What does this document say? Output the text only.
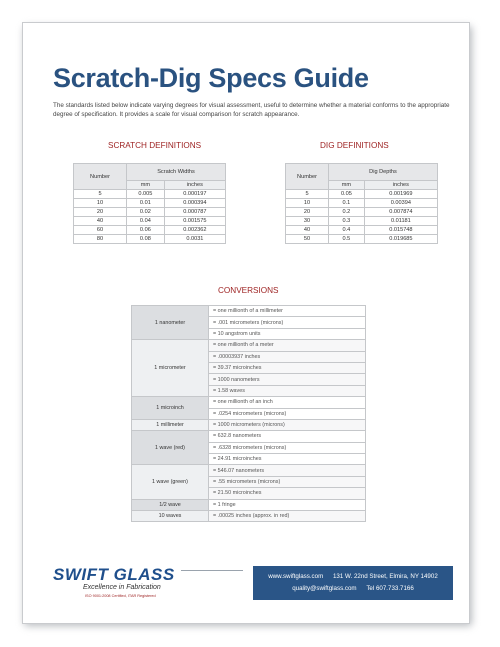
Scratch-Dig Specs Guide

The standards listed below indicate varying degrees for visual assessment, useful to determine whether a material conforms to the appropriate degree of specification. It provides a scale for visual comparison for scratch appearance.

SCRATCH DEFINITIONS	DIG DEFINITIONS
Number	Scratch Widths	
	mm	inches
5	0.005	0.000197
10	0.01	0.000394
20	0.02	0.000787
40	0.04	0.001575
60	0.06	0.002362
80	0.08	0.0031
Number	Dig Depths	
	mm	inches
5	0.05	0.001969
10	0.1	0.00394
20	0.2	0.007874
30	0.3	0.01181
40	0.4	0.015748
50	0.5	0.019685
CONVERSIONS
1 nanometer	= one millionth of a millimeter
	= .001 micrometers (microns)
	= 10 angstrom units
1 micrometer	= one millionth of a meter
	= .00003937 inches
	= 39.37 microinches
	= 1000 nanometers
	= 1.58 waves
1 microinch	= one millionth of an inch
	= .0254 micrometers (microns)
1 millimeter	= 1000 micrometers (microns)
1 wave (red)	= 632.8 nanometers
	= .6328 micrometers (microns)
	= 24.91 microinches
1 wave (green)	= 546.07 nanometers
	= .55 micrometers (microns)
	= 21.50 microinches
1/2 wave	= 1 fringe
10 waves	= .00025 inches (approx. in red)
SWIFT GLASS
Excellence in Fabrication
ISO 9001:2008 Certified, ITAR Registered
www.swiftglass.com 131 W. 22nd Street, Elmira, NY 14902
quality@swiftglass.com Tel 607.733.7166
